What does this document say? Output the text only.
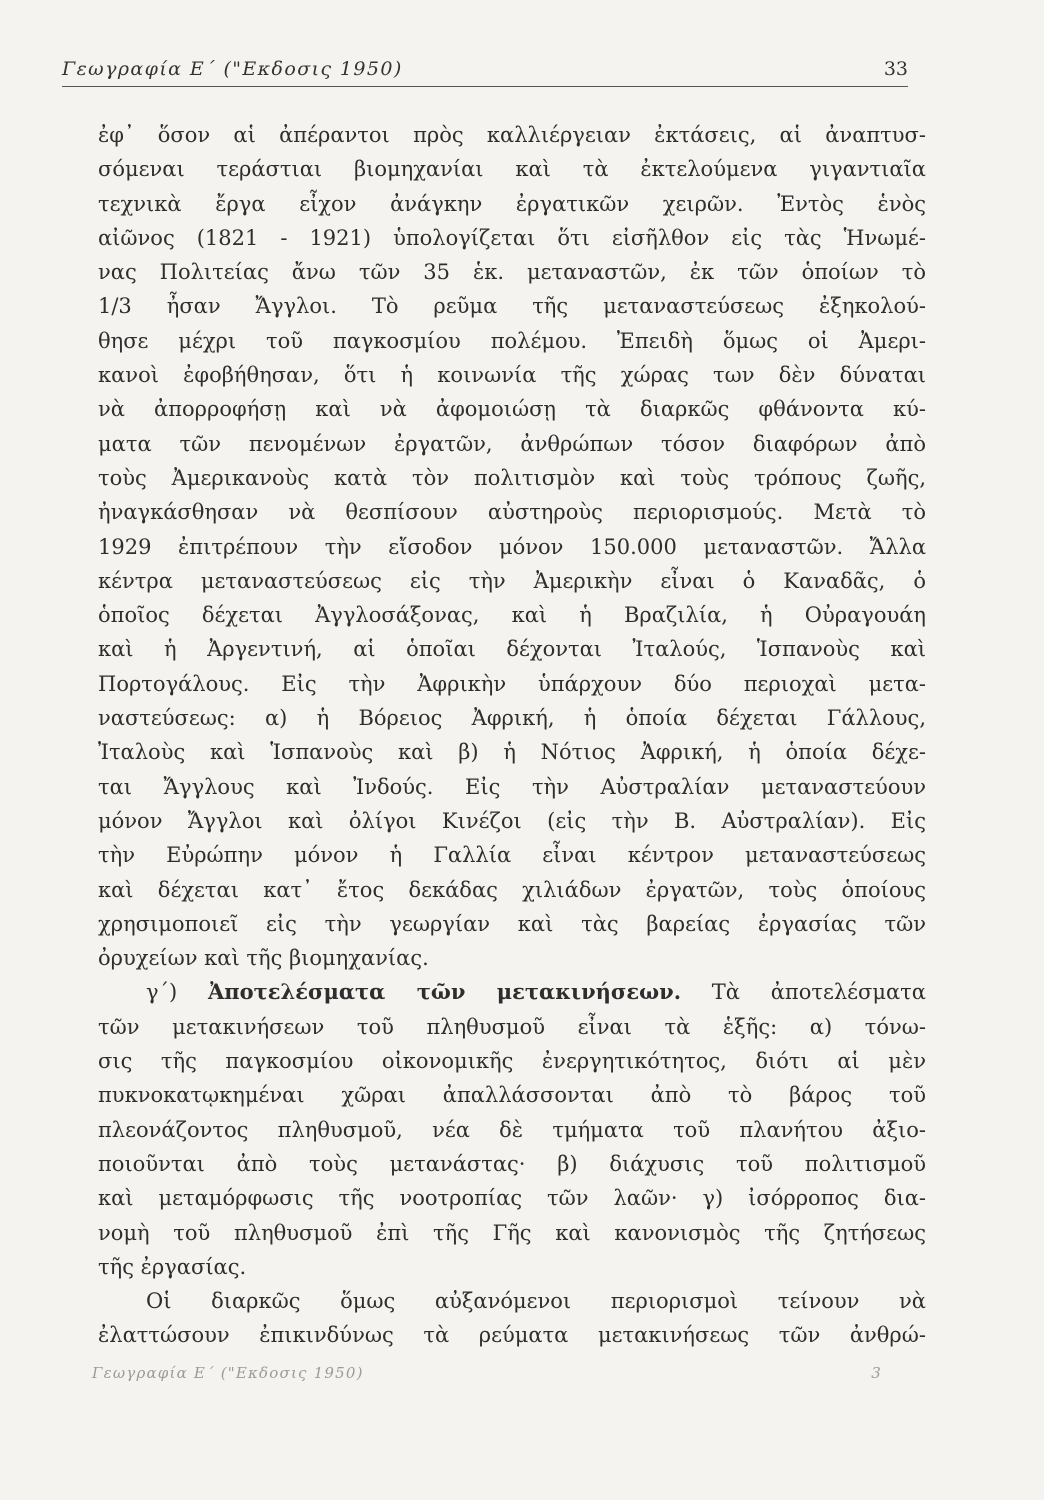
Γεωγραφία Ε΄ ("Εκδοσις 1950)	33
ἐφ᾽ ὅσον αἱ ἀπέραντοι πρὸς καλλιέργειαν ἐκτάσεις, αἱ ἀναπτυσ-
σόμεναι τεράστιαι βιομηχανίαι καὶ τὰ ἐκτελούμενα γιγαντιαῖα
τεχνικὰ ἔργα εἶχον ἀνάγκην ἐργατικῶν χειρῶν. Ἐντὸς ἑνὸς
αἰῶνος (1821 - 1921) ὑπολογίζεται ὅτι εἰσῆλθον εἰς τὰς Ἡνωμέ-
νας Πολιτείας ἄνω τῶν 35 ἑκ. μεταναστῶν, ἐκ τῶν ὁποίων τὸ
1/3 ἦσαν Ἄγγλοι. Τὸ ρεῦμα τῆς μεταναστεύσεως ἐξηκολού-
θησε μέχρι τοῦ παγκοσμίου πολέμου. Ἐπειδὴ ὅμως οἱ Ἀμερι-
κανοὶ ἐφοβήθησαν, ὅτι ἡ κοινωνία τῆς χώρας των δὲν δύναται
νὰ ἀπορροφήσῃ καὶ νὰ ἀφομοιώσῃ τὰ διαρκῶς φθάνοντα κύ-
ματα τῶν πενομένων ἐργατῶν, ἀνθρώπων τόσον διαφόρων ἀπὸ
τοὺς Ἀμερικανοὺς κατὰ τὸν πολιτισμὸν καὶ τοὺς τρόπους ζωῆς,
ἠναγκάσθησαν νὰ θεσπίσουν αὐστηροὺς περιορισμούς. Μετὰ τὸ
1929 ἐπιτρέπουν τὴν εἴσοδον μόνον 150.000 μεταναστῶν. Ἄλλα
κέντρα μεταναστεύσεως εἰς τὴν Ἀμερικὴν εἶναι ὁ Καναδᾶς, ὁ
ὁποῖος δέχεται Ἀγγλοσάξονας, καὶ ἡ Βραζιλία, ἡ Οὐραγουάη
καὶ ἡ Ἀργεντινή, αἱ ὁποῖαι δέχονται Ἰταλούς, Ἱσπανοὺς καὶ
Πορτογάλους. Εἰς τὴν Ἀφρικὴν ὑπάρχουν δύο περιοχαὶ μετα-
ναστεύσεως: α) ἡ Βόρειος Ἀφρική, ἡ ὁποία δέχεται Γάλλους,
Ἰταλοὺς καὶ Ἱσπανοὺς καὶ β) ἡ Νότιος Ἀφρική, ἡ ὁποία δέχε-
ται Ἄγγλους καὶ Ἰνδούς. Εἰς τὴν Αὐστραλίαν μεταναστεύουν
μόνον Ἄγγλοι καὶ ὀλίγοι Κινέζοι (εἰς τὴν Β. Αὐστραλίαν). Εἰς
τὴν Εὐρώπην μόνον ἡ Γαλλία εἶναι κέντρον μεταναστεύσεως
καὶ δέχεται κατ᾽ ἔτος δεκάδας χιλιάδων ἐργατῶν, τοὺς ὁποίους
χρησιμοποιεῖ εἰς τὴν γεωργίαν καὶ τὰς βαρείας ἐργασίας τῶν
ὀρυχείων καὶ τῆς βιομηχανίας.
γ΄) Ἀποτελέσματα τῶν μετακινήσεων. Τὰ ἀποτελέσματα
τῶν μετακινήσεων τοῦ πληθυσμοῦ εἶναι τὰ ἑξῆς: α) τόνω-
σις τῆς παγκοσμίου οἰκονομικῆς ἐνεργητικότητος, διότι αἱ μὲν
πυκνοκατῳκημέναι χῶραι ἀπαλλάσσονται ἀπὸ τὸ βάρος τοῦ
πλεονάζοντος πληθυσμοῦ, νέα δὲ τμήματα τοῦ πλανήτου ἀξιο-
ποιοῦνται ἀπὸ τοὺς μετανάστας· β) διάχυσις τοῦ πολιτισμοῦ
καὶ μεταμόρφωσις τῆς νοοτροπίας τῶν λαῶν· γ) ἰσόρροπος δια-
νομὴ τοῦ πληθυσμοῦ ἐπὶ τῆς Γῆς καὶ κανονισμὸς τῆς ζητήσεως
τῆς ἐργασίας.
Οἱ διαρκῶς ὅμως αὐξανόμενοι περιορισμοὶ τείνουν νὰ
ἐλαττώσουν ἐπικινδύνως τὰ ρεύματα μετακινήσεως τῶν ἀνθρώ-
Γεωγραφία Ε΄ ("Εκδοσις 1950)	3
